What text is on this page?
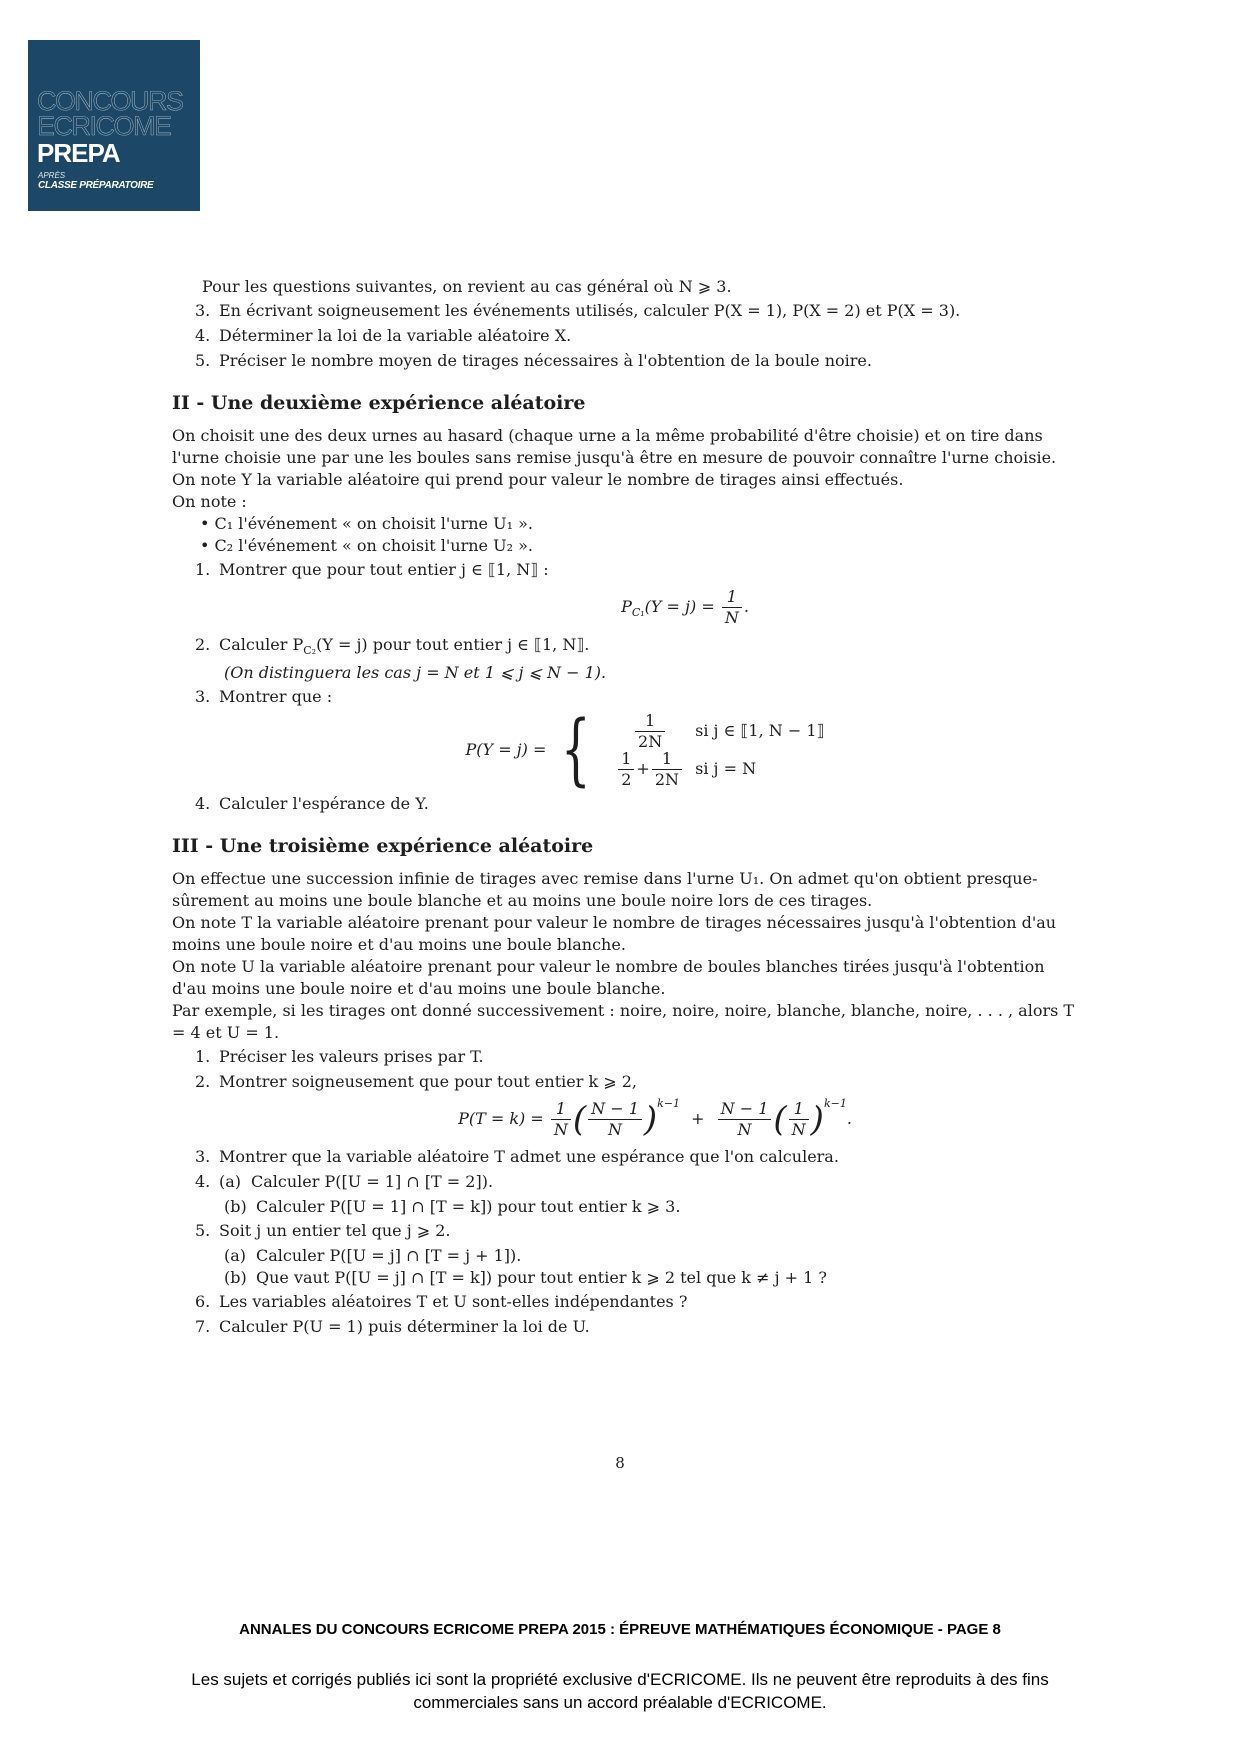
CONCOURS
ECRICOME
PREPA
APRÈS
CLASSE PRÉPARATOIRE

Pour les questions suivantes, on revient au cas général où N ⩾ 3.

3. En écrivant soigneusement les événements utilisés, calculer P(X = 1), P(X = 2) et P(X = 3).
4. Déterminer la loi de la variable aléatoire X.
5. Préciser le nombre moyen de tirages nécessaires à l'obtention de la boule noire.
II - Une deuxième expérience aléatoire

On choisit une des deux urnes au hasard (chaque urne a la même probabilité d'être choisie) et on tire dans l'urne choisie une par une les boules sans remise jusqu'à être en mesure de pouvoir connaître l'urne choisie.

On note Y la variable aléatoire qui prend pour valeur le nombre de tirages ainsi effectués.

On note :

• C₁ l'événement « on choisit l'urne U₁ ».

• C₂ l'événement « on choisit l'urne U₂ ».

1. Montrer que pour tout entier j ∈ ⟦1, N⟧ :
$P_{C_1}(Y = j) = \frac{1}{N}$ .
2. Calculer $P_{C_2}(Y = j)$ pour tout entier j ∈ ⟦1, N⟧.

(On distinguera les cas j = N et 1 ⩽ j ⩽ N − 1).

3. Montrer que :
P(Y = j) = {	$\frac{1}{2N}$ si j ∈ ⟦1, N − 1⟧
$\frac{1}{2} + \frac{1}{2N}$ si j = N
4. Calculer l'espérance de Y.
III - Une troisième expérience aléatoire

On effectue une succession infinie de tirages avec remise dans l'urne U₁. On admet qu'on obtient presque-sûrement au moins une boule blanche et au moins une boule noire lors de ces tirages.

On note T la variable aléatoire prenant pour valeur le nombre de tirages nécessaires jusqu'à l'obtention d'au moins une boule noire et d'au moins une boule blanche.

On note U la variable aléatoire prenant pour valeur le nombre de boules blanches tirées jusqu'à l'obtention d'au moins une boule noire et d'au moins une boule blanche.

Par exemple, si les tirages ont donné successivement : noire, noire, noire, blanche, blanche, noire, . . . , alors T = 4 et U = 1.

1. Préciser les valeurs prises par T.
2. Montrer soigneusement que pour tout entier k ⩾ 2,
$P(T = k) = \frac{1}{N}$ ( $\frac{N - 1}{N} )^{k-1} + \frac{N - 1}{N}$ ( $\frac{1}{N} )^{k-1}$.
3. Montrer que la variable aléatoire T admet une espérance que l'on calculera.
4. (a) Calculer P([U = 1] ∩ [T = 2]).
(b) Calculer P([U = 1] ∩ [T = k]) pour tout entier k ⩾ 3.
5. Soit j un entier tel que j ⩾ 2.
(a) Calculer P([U = j] ∩ [T = j + 1]).
(b) Que vaut P([U = j] ∩ [T = k]) pour tout entier k ⩾ 2 tel que k ≠ j + 1 ?
6. Les variables aléatoires T et U sont-elles indépendantes ?
7. Calculer P(U = 1) puis déterminer la loi de U.
8
ANNALES DU CONCOURS ECRICOME PREPA 2015 : ÉPREUVE MATHÉMATIQUES ÉCONOMIQUE - PAGE 8
Les sujets et corrigés publiés ici sont la propriété exclusive d'ECRICOME. Ils ne peuvent être reproduits à des fins commerciales sans un accord préalable d'ECRICOME.
